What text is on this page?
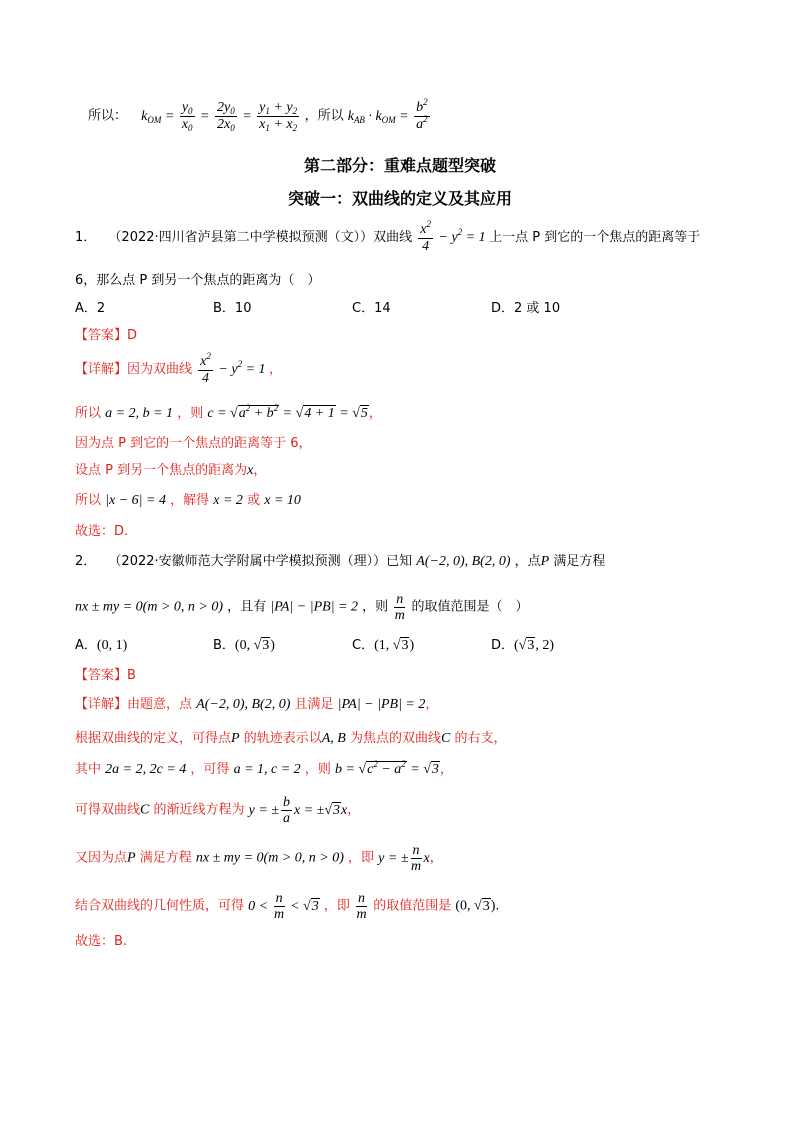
所以： $k_{OM} = \frac{y_0}{x_0} = \frac{2y_0}{2x_0} = \frac{y_1 + y_2}{x_1 + x_2}$ ，所以 $k_{AB} \cdot k_{OM} = \frac{b^2}{a^2}$
第二部分：重难点题型突破
突破一：双曲线的定义及其应用
1． （2022·四川省泸县第二中学模拟预测（文））双曲线 $\frac{x^2}{4} - y^2 = 1$ 上一点 P 到它的一个焦点的距离等于
6，那么点 P 到另一个焦点的距离为（　）
A．2	B．10	C．14	D．2 或 10
【答案】D
【详解】因为双曲线 $\frac{x^2}{4} - y^2 = 1$ ，
所以 a = 2, b = 1 ，则 $c = √a^2 + b^2 = √4 + 1 = √5$，
因为点 P 到它的一个焦点的距离等于 6，
设点 P 到另一个焦点的距离为x，
所以 |x − 6| = 4 ，解得 x = 2 或 x = 10
故选：D.
2． （2022·安徽师范大学附属中学模拟预测（理））已知 A(−2, 0), B(2, 0) ，点P 满足方程
nx ± my = 0(m > 0, n > 0) ，且有 |PA| − |PB| = 2 ，则 $\frac{n}{m}$ 的取值范围是（　）
A．(0, 1)	B．(0, √3)	C．(1, √3)	D．(√3, 2)
【答案】B
【详解】由题意，点 A(−2, 0), B(2, 0) 且满足 |PA| − |PB| = 2，
根据双曲线的定义，可得点P 的轨迹表示以A, B 为焦点的双曲线C 的右支，
其中 2a = 2, 2c = 4 ，可得 a = 1, c = 2 ，则 $b = √c^2 - a^2 = √3$，
可得双曲线C 的渐近线方程为 y = ± $\frac{b}{a}$ x = ±√3x，
又因为点P 满足方程 nx ± my = 0(m > 0, n > 0) ，即 y = ± $\frac{n}{m}$ x，
结合双曲线的几何性质，可得 $0 < \frac{n}{m} < √3$ ，即 $\frac{n}{m}$ 的取值范围是 (0, √3).
故选：B.
